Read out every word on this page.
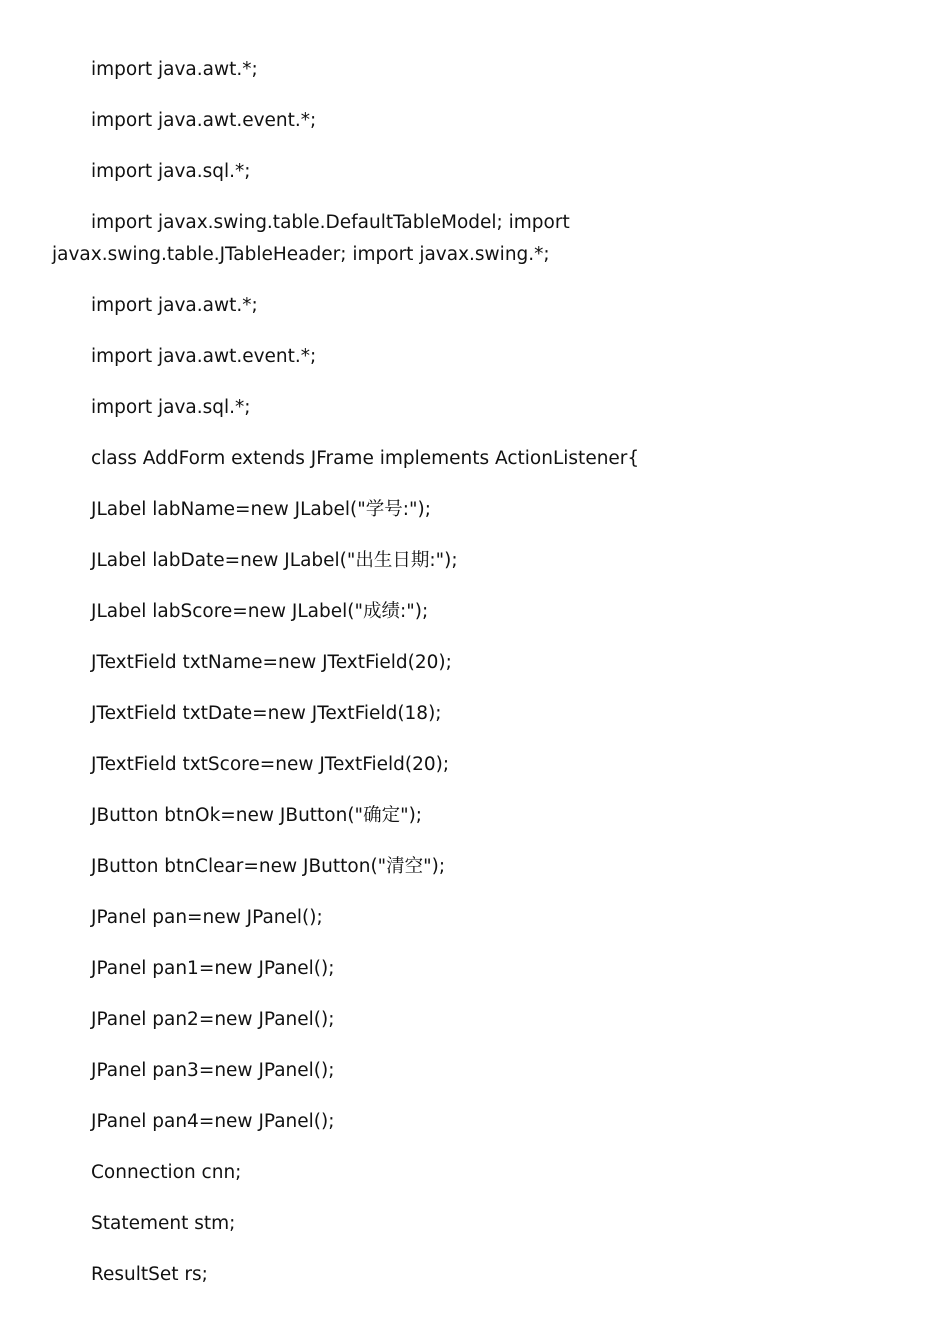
import java.awt.*;
import java.awt.event.*;
import java.sql.*;
import javax.swing.table.DefaultTableModel; import javax.swing.table.JTableHeader; import javax.swing.*;
import java.awt.*;
import java.awt.event.*;
import java.sql.*;
class AddForm extends JFrame implements ActionListener{
JLabel labName=new JLabel("学号:");
JLabel labDate=new JLabel("出生日期:");
JLabel labScore=new JLabel("成绩:");
JTextField txtName=new JTextField(20);
JTextField txtDate=new JTextField(18);
JTextField txtScore=new JTextField(20);
JButton btnOk=new JButton("确定");
JButton btnClear=new JButton("清空");
JPanel pan=new JPanel();
JPanel pan1=new JPanel();
JPanel pan2=new JPanel();
JPanel pan3=new JPanel();
JPanel pan4=new JPanel();
Connection cnn;
Statement stm;
ResultSet rs;
